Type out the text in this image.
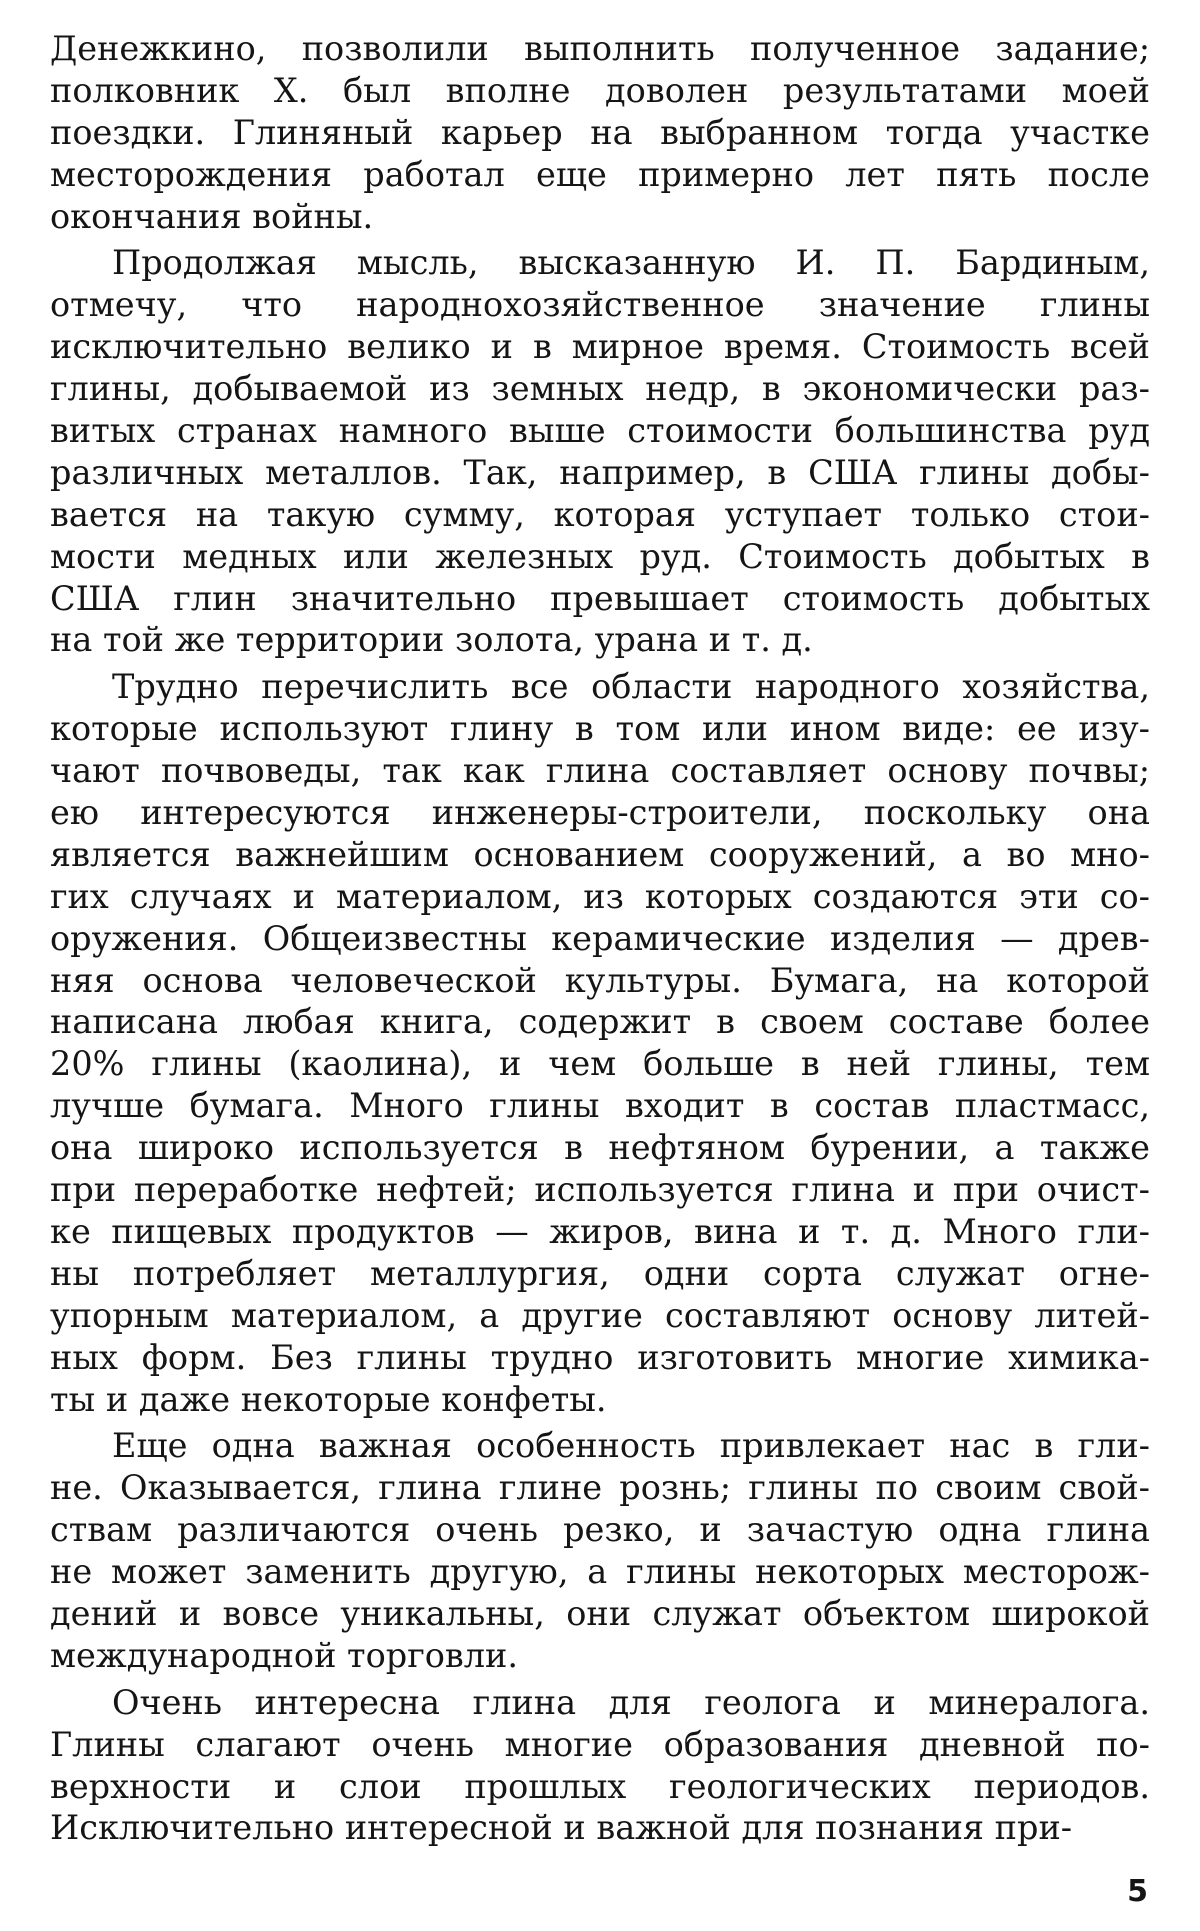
Денежкино, позволили выполнить полученное задание;
полковник Х. был вполне доволен результатами моей
поездки. Глиняный карьер на выбранном тогда участке
месторождения работал еще примерно лет пять после
окончания войны.
Продолжая мысль, высказанную И. П. Бардиным,
отмечу, что народнохозяйственное значение глины
исключительно велико и в мирное время. Стоимость всей
глины, добываемой из земных недр, в экономически раз-
витых странах намного выше стоимости большинства руд
различных металлов. Так, например, в США глины добы-
вается на такую сумму, которая уступает только стои-
мости медных или железных руд. Стоимость добытых в
США глин значительно превышает стоимость добытых
на той же территории золота, урана и т. д.
Трудно перечислить все области народного хозяйства,
которые используют глину в том или ином виде: ее изу-
чают почвоведы, так как глина составляет основу почвы;
ею интересуются инженеры-строители, поскольку она
является важнейшим основанием сооружений, а во мно-
гих случаях и материалом, из которых создаются эти со-
оружения. Общеизвестны керамические изделия — древ-
няя основа человеческой культуры. Бумага, на которой
написана любая книга, содержит в своем составе более
20% глины (каолина), и чем больше в ней глины, тем
лучше бумага. Много глины входит в состав пластмасс,
она широко используется в нефтяном бурении, а также
при переработке нефтей; используется глина и при очист-
ке пищевых продуктов — жиров, вина и т. д. Много гли-
ны потребляет металлургия, одни сорта служат огне-
упорным материалом, а другие составляют основу литей-
ных форм. Без глины трудно изготовить многие химика-
ты и даже некоторые конфеты.
Еще одна важная особенность привлекает нас в гли-
не. Оказывается, глина глине рознь; глины по своим свой-
ствам различаются очень резко, и зачастую одна глина
не может заменить другую, а глины некоторых месторож-
дений и вовсе уникальны, они служат объектом широкой
международной торговли.
Очень интересна глина для геолога и минералога.
Глины слагают очень многие образования дневной по-
верхности и слои прошлых геологических периодов.
Исключительно интересной и важной для познания при-
5
